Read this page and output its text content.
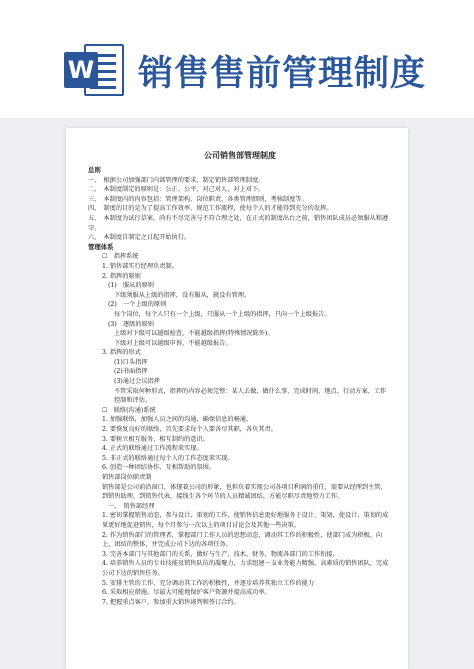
W 销售售前管理制度
公司销售部管理制度
总则
一、　根据公司加强部门内部管理的要求，制定销售部管理制度。
二、　本制度制定的原则是：公正、公平、对己对人，对上对下。
三、　本制度内的内容包括：管理架构、岗位职责、各类管理细则、考核制度等。
四、　制度的目的是为了提高工作效率、规范工作流程，使每个人的才能得到充分的发挥。
五、　本制度为试行草案，尚有不尽完善与不符合理之处，在正式的制度出台之前，销售团队成员必须服从和遵守。
六、　本制度自制定之日起开始执行。
管理体系
☐　指挥系统
1. 销售部实行经理负责制。
2. 指挥的原则
(1)　服从的原则
下级须服从上级的指挥，没有服从，就没有管理。
(2)　一个上级的原则
每个岗位，每个人只有一个上级，只服从一个上级的指挥，只向一个上级报告。
(3)　逐级的原则
上级对下级可以越级检查，不能越级指挥(特殊情况除外)。
下级对上级可以越级申诉，不能越级报告。
3. 指挥的形式
(1)口头指挥
(2)书面指挥
(3)通过会议指挥
不管采取何种形式，指挥的内容必须完整：某人去做、做什么事、完成时间、地点、行动方案、工作控制和评估。
☐　联络(沟通)系统
1. 加强联络，加强人员之间的沟通，确保信息的畅通。
2. 要恢复良好的联络，首先要求每个人要各尽其职，各负其责。
3. 要树立相互服务、相互制约的意识。
4. 正式的联络通过工作流程来实现。
5. 非正式的联络通过每个人的工作态度来实现。
6. 创造一种团结协作、互相帮助的氛围。
销售部岗位职责制
销售部是公司前沿窗口，体现着公司的形象，也担负着实现公司各项目利润的重任，需要从经理到主管，到销售助理，到销售代表，接线生各个环节的人员精诚团结，方能尽职尽责地努力工作。
一、　销售部经理
1. 密切掌握销售动态，参与设计、策划的工作，使销售信息更好地服务于设计、策划，使设计、策划的成果更好地促进销售，每个月参与一次以上的项目讨论会及其他一些决策。
2. 作为销售部门的管理者，掌握部门工作人员的思想动态，调动其工作的积极性，使部门成为积极、向上、团结的整体，并完成公司下达的各项任务。
3. 完善本部门与其他部门的关系，做好与生产、技术、财务、物流各部门的工作衔接。
4. 培养销售人员的专业技能及销售队伍的凝聚力，力求组建一支业务能力精强、高素质的销售团队，完成公司下达的销售任务。
5. 安排主管的工作，充分调动其工作的积极性，并逐步培养其独立工作的能力
6. 采取相应措施，尽最大可能地保护客户资源并提高成功率。
7. 把握重点客户，参加重大销售谈判和签订合约。
